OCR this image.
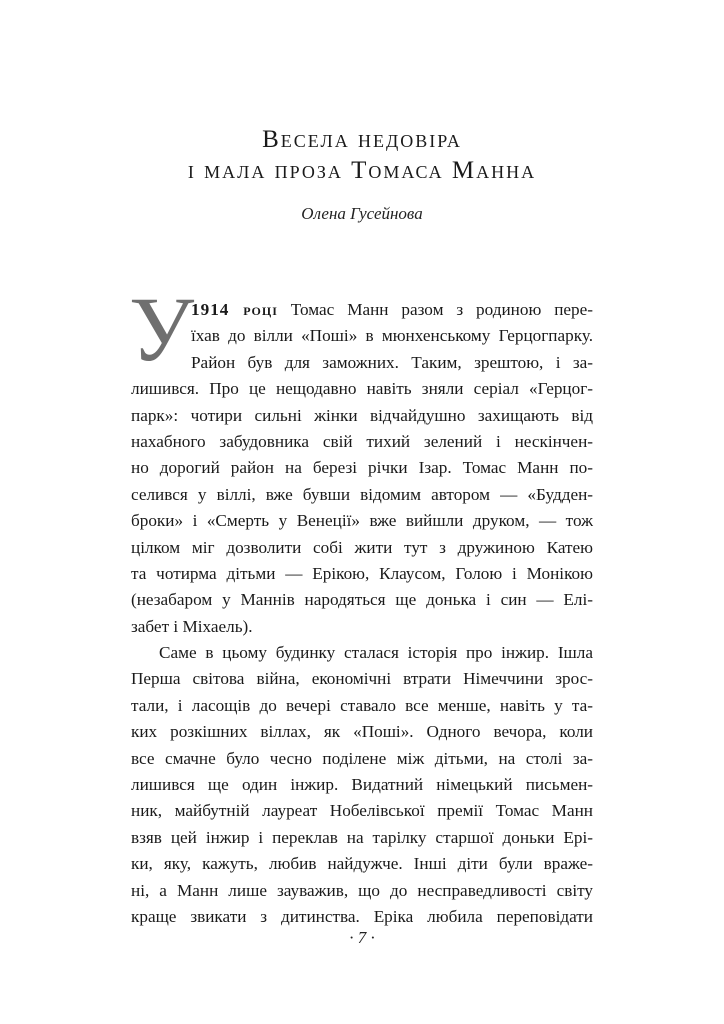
Весела недовіра
і мала проза Томаса Манна
Олена Гусейнова
У
1914 році Томас Манн разом з родиною пере-
їхав до вілли «Поші» в мюнхенському Герцогпарку.
Район був для заможних. Таким, зрештою, і за-
лишився. Про це нещодавно навіть зняли серіал «Герцог-
парк»: чотири сильні жінки відчайдушно захищають від
нахабного забудовника свій тихий зелений і нескінчен-
но дорогий район на березі річки Ізар. Томас Манн по-
селився у віллі, вже бувши відомим автором — «Будден-
броки» і «Смерть у Венеції» вже вийшли друком, — тож
цілком міг дозволити собі жити тут з дружиною Катею
та чотирма дітьми — Ерікою, Клаусом, Голою і Монікою
(незабаром у Маннів народяться ще донька і син — Елі-
забет і Міхаель).
Саме в цьому будинку сталася історія про інжир. Ішла
Перша світова війна, економічні втрати Німеччини зрос-
тали, і ласощів до вечері ставало все менше, навіть у та-
ких розкішних віллах, як «Поші». Одного вечора, коли
все смачне було чесно поділене між дітьми, на столі за-
лишився ще один інжир. Видатний німецький письмен-
ник, майбутній лауреат Нобелівської премії Томас Манн
взяв цей інжир і переклав на тарілку старшої доньки Ері-
ки, яку, кажуть, любив найдужче. Інші діти були враже-
ні, а Манн лише зауважив, що до несправедливості світу
краще звикати з дитинства. Еріка любила переповідати
· 7 ·
